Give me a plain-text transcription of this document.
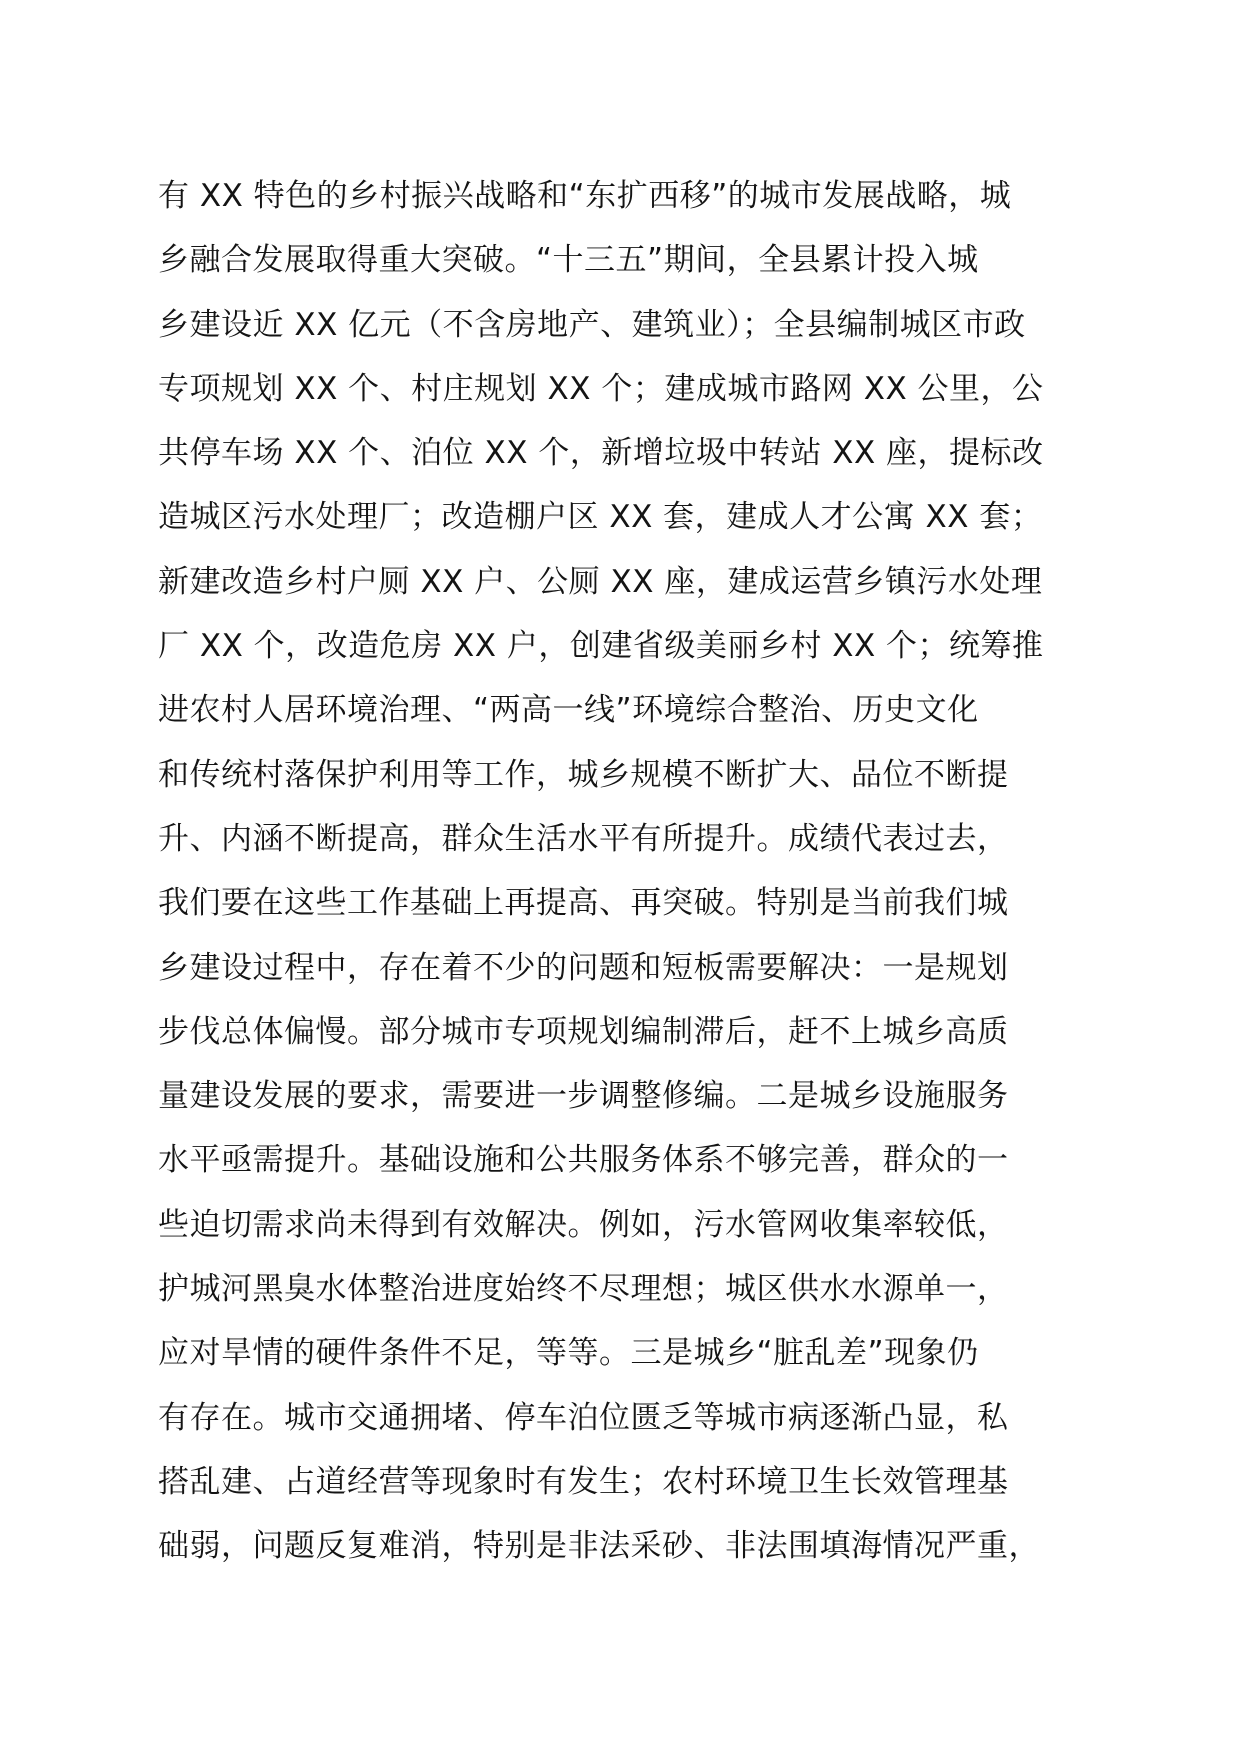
有 XX 特色的乡村振兴战略和“东扩西移”的城市发展战略，城
乡融合发展取得重大突破。“十三五”期间，全县累计投入城
乡建设近 XX 亿元（不含房地产、建筑业）；全县编制城区市政
专项规划 XX 个、村庄规划 XX 个；建成城市路网 XX 公里，公
共停车场 XX 个、泊位 XX 个，新增垃圾中转站 XX 座，提标改
造城区污水处理厂；改造棚户区 XX 套，建成人才公寓 XX 套；
新建改造乡村户厕 XX 户、公厕 XX 座，建成运营乡镇污水处理
厂 XX 个，改造危房 XX 户，创建省级美丽乡村 XX 个；统筹推
进农村人居环境治理、“两高一线”环境综合整治、历史文化
和传统村落保护利用等工作，城乡规模不断扩大、品位不断提
升、内涵不断提高，群众生活水平有所提升。成绩代表过去，
我们要在这些工作基础上再提高、再突破。特别是当前我们城
乡建设过程中，存在着不少的问题和短板需要解决：一是规划
步伐总体偏慢。部分城市专项规划编制滞后，赶不上城乡高质
量建设发展的要求，需要进一步调整修编。二是城乡设施服务
水平亟需提升。基础设施和公共服务体系不够完善，群众的一
些迫切需求尚未得到有效解决。例如，污水管网收集率较低，
护城河黑臭水体整治进度始终不尽理想；城区供水水源单一，
应对旱情的硬件条件不足，等等。三是城乡“脏乱差”现象仍
有存在。城市交通拥堵、停车泊位匮乏等城市病逐渐凸显，私
搭乱建、占道经营等现象时有发生；农村环境卫生长效管理基
础弱，问题反复难消，特别是非法采砂、非法围填海情况严重，
